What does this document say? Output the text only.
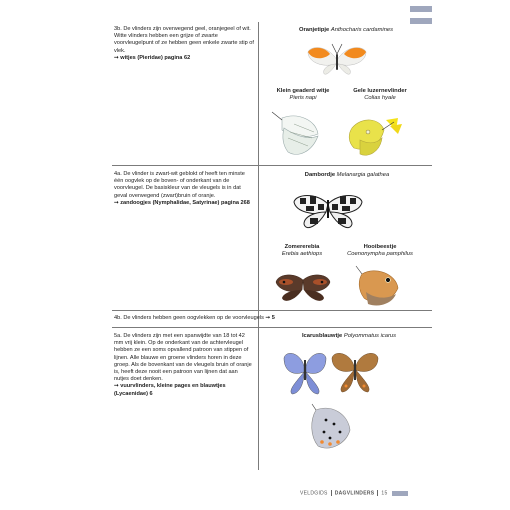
3b. De vlinders zijn overwegend geel, oranjegeel of wit. Witte vlinders hebben een grijze of zwarte voorvleugelpunt of ze hebben geen enkele zwarte stip of vlek.
➞ witjes (Pieridae) pagina 62
Oranjetipje Anthocharis cardamines
Klein geaderd witje
Pieris napi
Gele luzernevlinder
Colias hyale
4a. De vlinder is zwart-wit geblokt of heeft ten minste één oogvlek op de boven- of onderkant van de voorvleugel. De basiskleur van de vleugels is in dat geval overwegend (zwart)bruin of oranje.
➞ zandoogjes (Nymphalidae, Satyrinae) pagina 268
Dambordje Melanargia galathea
Zomererebia
Erebia aethiops
Hooibeestje
Coenonympha pamphilus
4b. De vlinders hebben geen oogvlekken op de voorvleugels ➞ 5
5a. De vlinders zijn met een spanwijdte van 18 tot 42 mm vrij klein. Op de onderkant van de achtervleugel hebben ze een soms opvallend patroon van stippen of lijnen. Alle blauwe en groene vlinders horen in deze groep. Als de bovenkant van de vleugels bruin of oranje is, heeft deze nooit een patroon van lijnen dat aan nutjes doet denken.
➞ vuurvlinders, kleine pages en blauwtjes (Lycaenidae) 6
Icarusblauwtje Polyommatus icarus
VELDGIDS DAGVLINDERS 15
